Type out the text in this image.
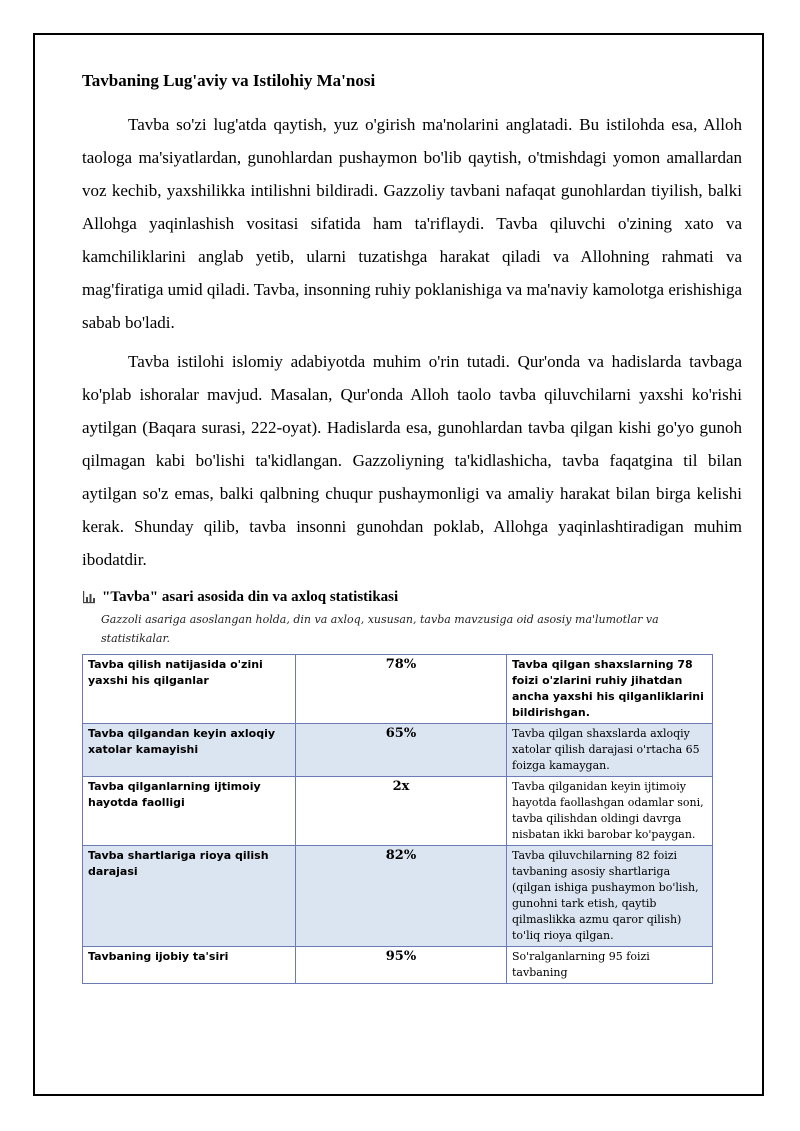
Tavbaning Lug'aviy va Istilohiy Ma'nosi

Tavba so'zi lug'atda qaytish, yuz o'girish ma'nolarini anglatadi. Bu istilohda esa, Alloh taologa ma'siyatlardan, gunohlardan pushaymon bo'lib qaytish, o'tmishdagi yomon amallardan voz kechib, yaxshilikka intilishni bildiradi. Gazzoliy tavbani nafaqat gunohlardan tiyilish, balki Allohga yaqinlashish vositasi sifatida ham ta'riflaydi. Tavba qiluvchi o'zining xato va kamchiliklarini anglab yetib, ularni tuzatishga harakat qiladi va Allohning rahmati va mag'firatiga umid qiladi. Tavba, insonning ruhiy poklanishiga va ma'naviy kamolotga erishishiga sabab bo'ladi.

Tavba istilohi islomiy adabiyotda muhim o'rin tutadi. Qur'onda va hadislarda tavbaga ko'plab ishoralar mavjud. Masalan, Qur'onda Alloh taolo tavba qiluvchilarni yaxshi ko'rishi aytilgan (Baqara surasi, 222-oyat). Hadislarda esa, gunohlardan tavba qilgan kishi go'yo gunoh qilmagan kabi bo'lishi ta'kidlangan. Gazzoliyning ta'kidlashicha, tavba faqatgina til bilan aytilgan so'z emas, balki qalbning chuqur pushaymonligi va amaliy harakat bilan birga kelishi kerak. Shunday qilib, tavba insonni gunohdan poklab, Allohga yaqinlashtiradigan muhim ibodatdir.

"Tavba" asari asosida din va axloq statistikasi
Gazzoli asariga asoslangan holda, din va axloq, xususan, tavba mavzusiga oid asosiy ma'lumotlar va statistikalar.
Tavba qilish natijasida o'zini yaxshi his qilganlar	78%	Tavba qilgan shaxslarning 78 foizi o'zlarini ruhiy jihatdan ancha yaxshi his qilganliklarini bildirishgan.
Tavba qilgandan keyin axloqiy xatolar kamayishi	65%	Tavba qilgan shaxslarda axloqiy xatolar qilish darajasi o'rtacha 65 foizga kamaygan.
Tavba qilganlarning ijtimoiy hayotda faolligi	2x	Tavba qilganidan keyin ijtimoiy hayotda faollashgan odamlar soni, tavba qilishdan oldingi davrga nisbatan ikki barobar ko'paygan.
Tavba shartlariga rioya qilish darajasi	82%	Tavba qiluvchilarning 82 foizi tavbaning asosiy shartlariga (qilgan ishiga pushaymon bo'lish, gunohni tark etish, qaytib qilmaslikka azmu qaror qilish) to'liq rioya qilgan.
Tavbaning ijobiy ta'siri	95%	So'ralganlarning 95 foizi tavbaning
